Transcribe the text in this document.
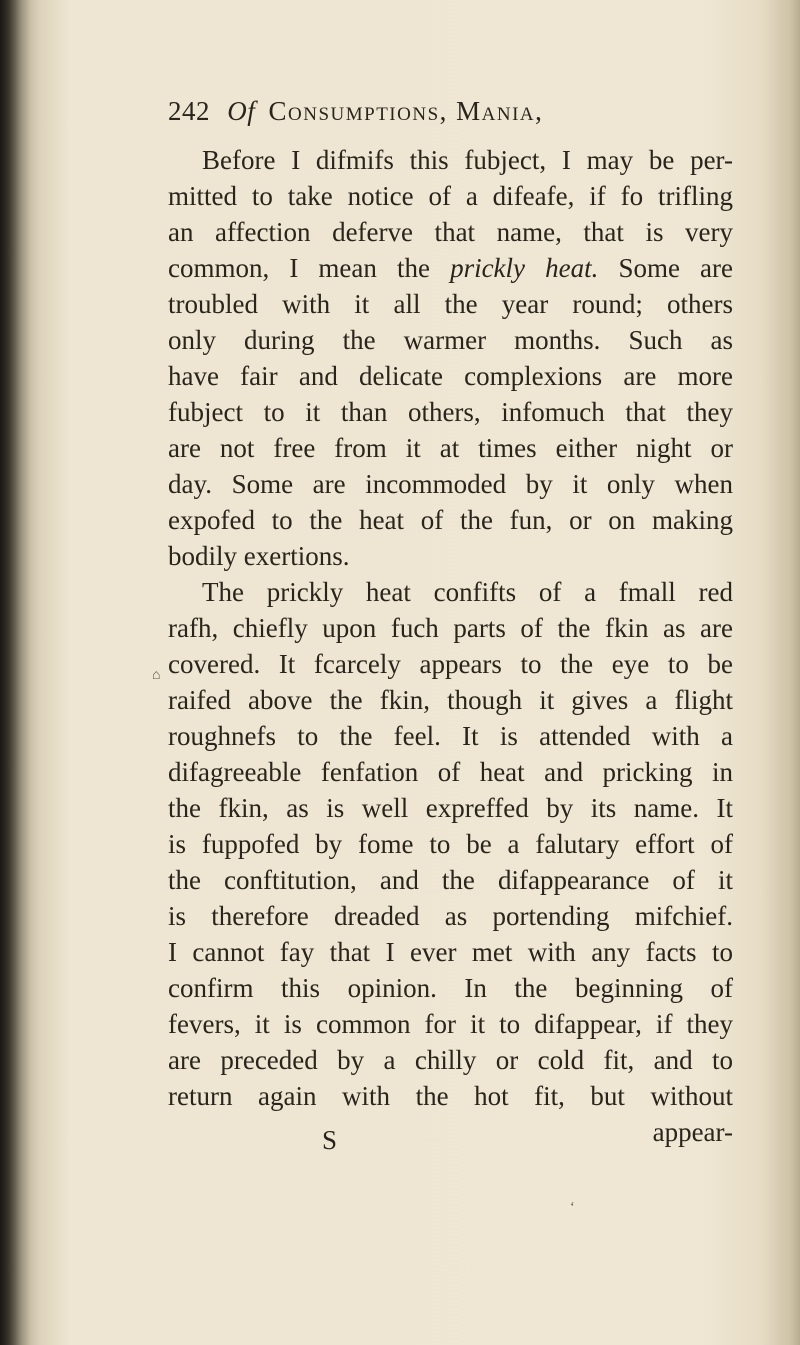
242 Of Consumptions, Mania,
Before I difmifs this fubject, I may be per-
mitted to take notice of a difeafe, if fo trifling
an affection deferve that name, that is very
common, I mean the prickly heat. Some are
troubled with it all the year round; others
only during the warmer months. Such as
have fair and delicate complexions are more
fubject to it than others, infomuch that they
are not free from it at times either night or
day. Some are incommoded by it only when
expofed to the heat of the fun, or on making
bodily exertions.
The prickly heat confifts of a fmall red
rafh, chiefly upon fuch parts of the fkin as are
covered. It fcarcely appears to the eye to be
raifed above the fkin, though it gives a flight
roughnefs to the feel. It is attended with a
difagreeable fenfation of heat and pricking in
the fkin, as is well expreffed by its name. It
is fuppofed by fome to be a falutary effort of
the conftitution, and the difappearance of it
is therefore dreaded as portending mifchief.
I cannot fay that I ever met with any facts to
confirm this opinion. In the beginning of
fevers, it is common for it to difappear, if they
are preceded by a chilly or cold fit, and to
return again with the hot fit, but without
appear-
⌂
S
‘
